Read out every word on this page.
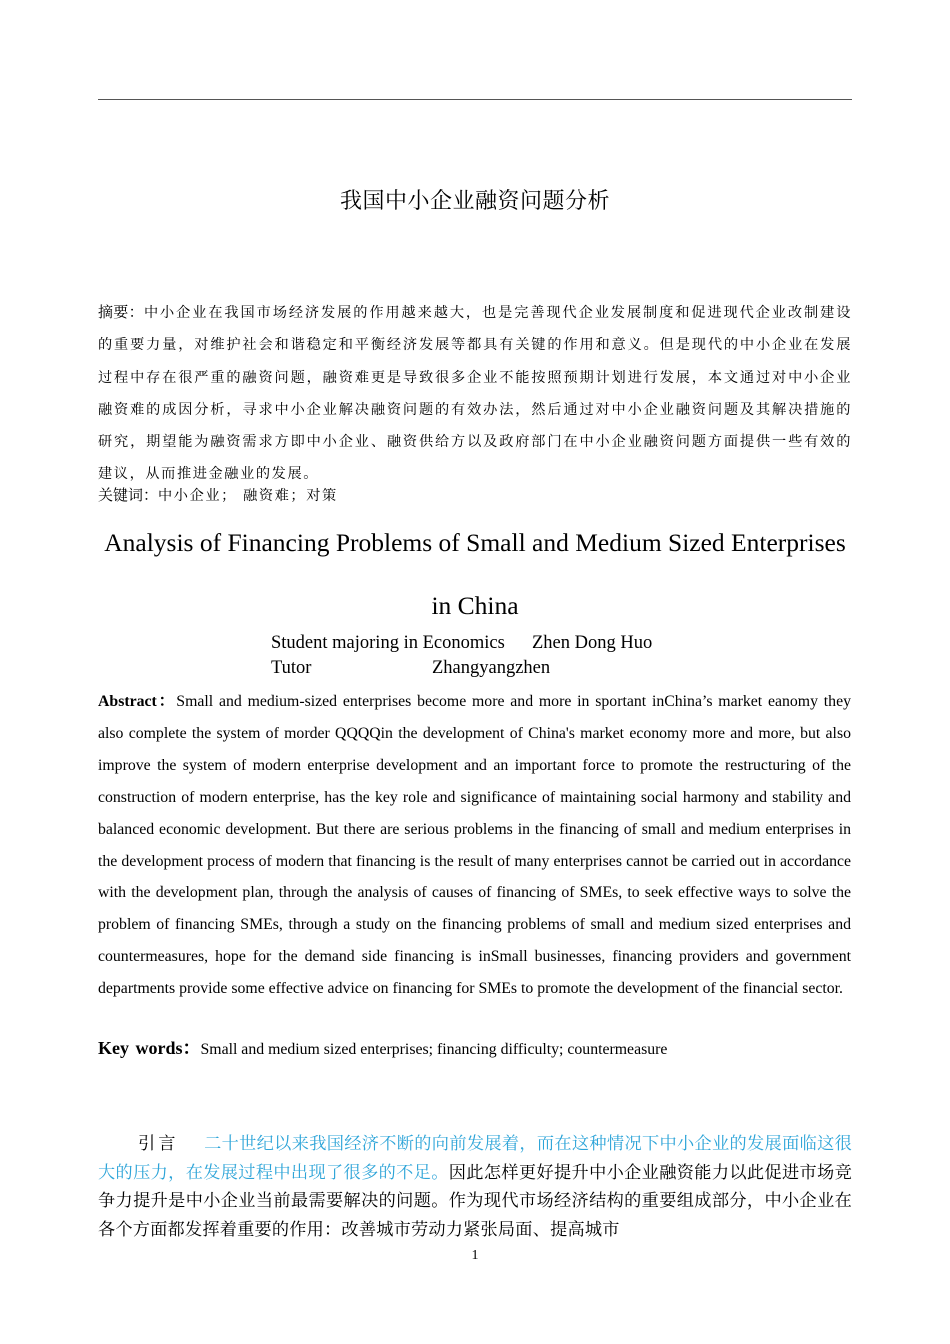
我国中小企业融资问题分析
摘要：中小企业在我国市场经济发展的作用越来越大，也是完善现代企业发展制度和促进现代企业改制建设的重要力量，对维护社会和谐稳定和平衡经济发展等都具有关键的作用和意义。但是现代的中小企业在发展过程中存在很严重的融资问题，融资难更是导致很多企业不能按照预期计划进行发展，本文通过对中小企业融资难的成因分析，寻求中小企业解决融资问题的有效办法，然后通过对中小企业融资问题及其解决措施的研究，期望能为融资需求方即中小企业、融资供给方以及政府部门在中小企业融资问题方面提供一些有效的建议，从而推进金融业的发展。
关键词：中小企业； 融资难；对策
Analysis of Financing Problems of Small and Medium Sized Enterprises
in China
Student majoring in Economics Zhen Dong Huo
Tutor	Zhangyangzhen
Abstract：Small and medium-sized enterprises become more and more in sportant inChina’s market eanomy they also complete the system of morder QQQQin the development of China's market economy more and more, but also improve the system of modern enterprise development and an important force to promote the restructuring of the construction of modern enterprise, has the key role and significance of maintaining social harmony and stability and balanced economic development. But there are serious problems in the financing of small and medium enterprises in the development process of modern that financing is the result of many enterprises cannot be carried out in accordance with the development plan, through the analysis of causes of financing of SMEs, to seek effective ways to solve the problem of financing SMEs, through a study on the financing problems of small and medium sized enterprises and countermeasures, hope for the demand side financing is inSmall businesses, financing providers and government departments provide some effective advice on financing for SMEs to promote the development of the financial sector.
Key words：Small and medium sized enterprises; financing difficulty; countermeasure
引言 二十世纪以来我国经济不断的向前发展着，而在这种情况下中小企业的发展面临这很大的压力，在发展过程中出现了很多的不足。因此怎样更好提升中小企业融资能力以此促进市场竞争力提升是中小企业当前最需要解决的问题。作为现代市场经济结构的重要组成部分，中小企业在各个方面都发挥着重要的作用：改善城市劳动力紧张局面、提高城市
1
